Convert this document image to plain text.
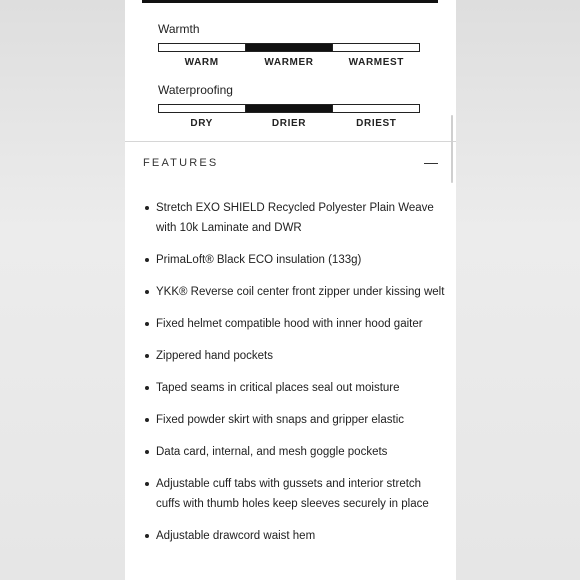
Warmth
WARM	WARMER	WARMEST
Waterproofing
DRY	DRIER	DRIEST
FEATURES
Stretch EXO SHIELD Recycled Polyester Plain Weave with 10k Laminate and DWR
PrimaLoft® Black ECO insulation (133g)
YKK® Reverse coil center front zipper under kissing welt
Fixed helmet compatible hood with inner hood gaiter
Zippered hand pockets
Taped seams in critical places seal out moisture
Fixed powder skirt with snaps and gripper elastic
Data card, internal, and mesh goggle pockets
Adjustable cuff tabs with gussets and interior stretch cuffs with thumb holes keep sleeves securely in place
Adjustable drawcord waist hem
